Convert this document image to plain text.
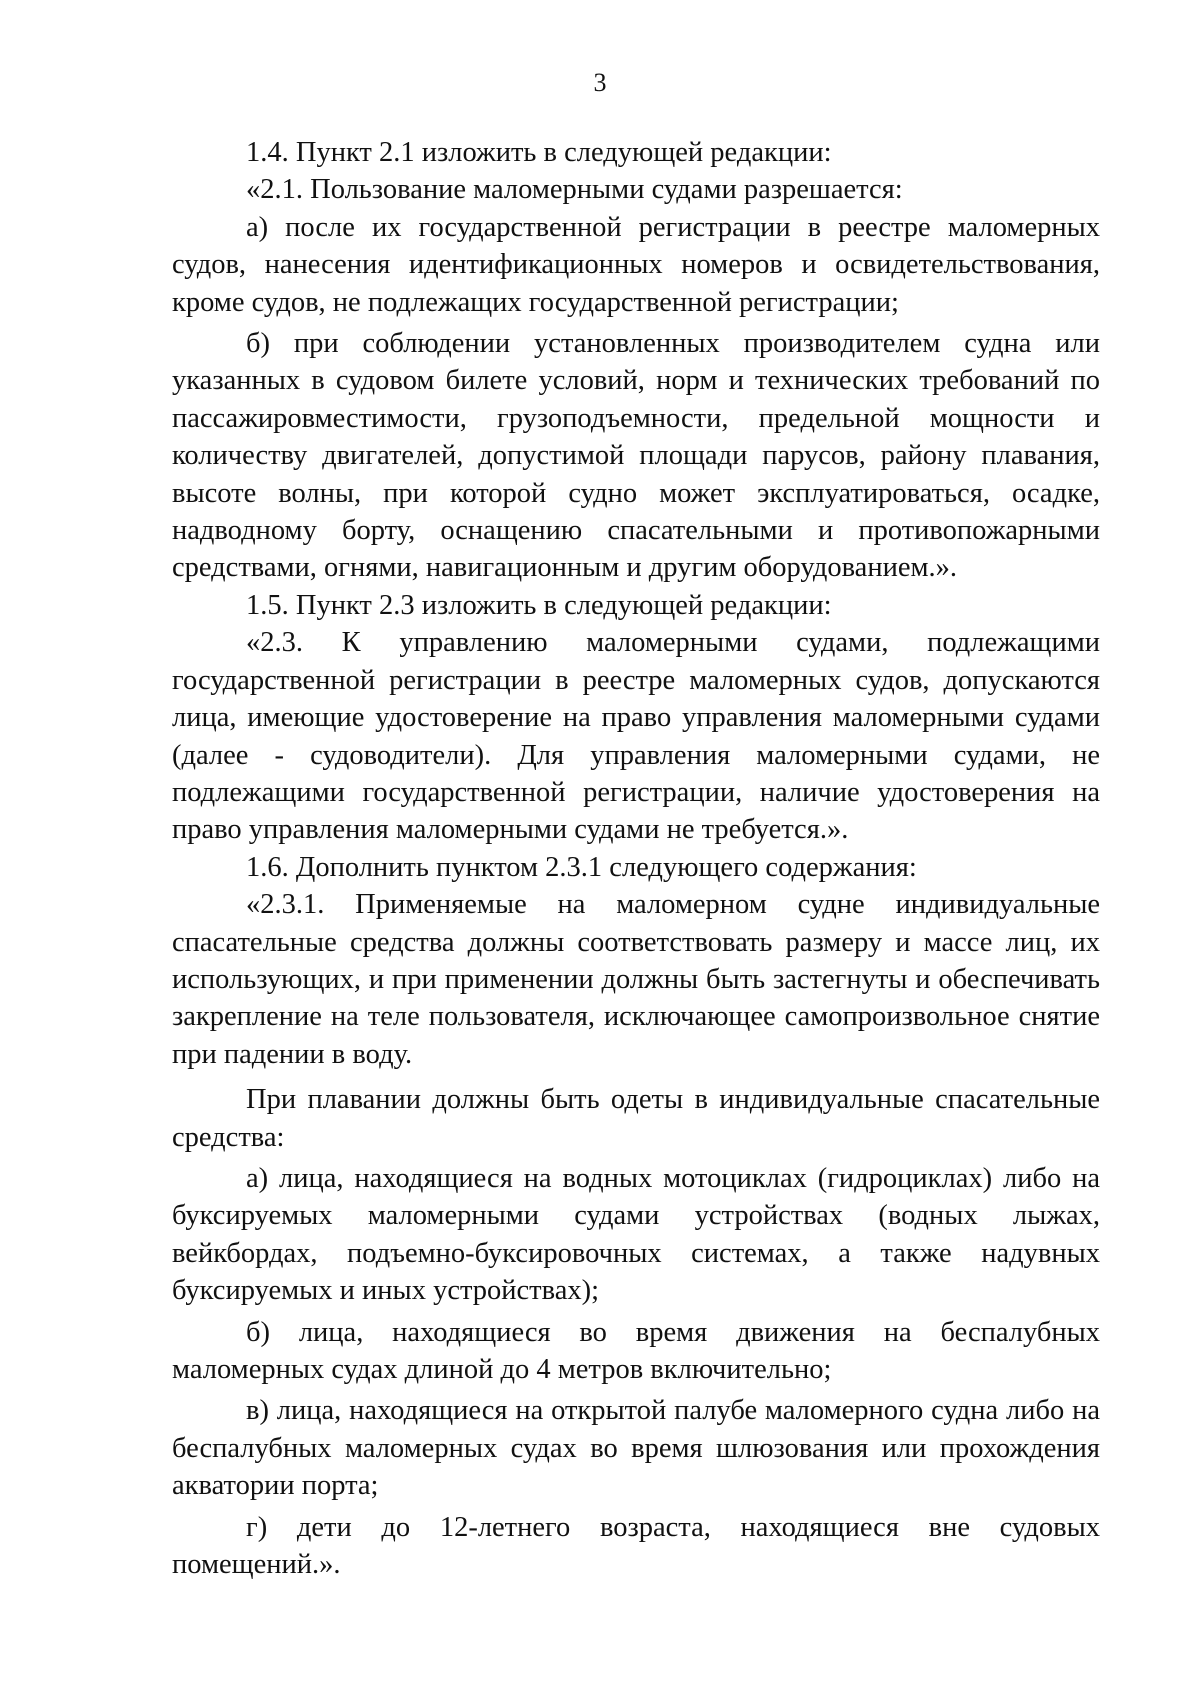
3

1.4. Пункт 2.1 изложить в следующей редакции:

«2.1. Пользование маломерными судами разрешается:

а) после их государственной регистрации в реестре маломерных судов, нанесения идентификационных номеров и освидетельствования, кроме судов, не подлежащих государственной регистрации;

б) при соблюдении установленных производителем судна или указанных в судовом билете условий, норм и технических требований по пассажировместимости, грузоподъемности, предельной мощности и количеству двигателей, допустимой площади парусов, району плавания, высоте волны, при которой судно может эксплуатироваться, осадке, надводному борту, оснащению спасательными и противопожарными средствами, огнями, навигационным и другим оборудованием.».

1.5. Пункт 2.3 изложить в следующей редакции:

«2.3. К управлению маломерными судами, подлежащими государственной регистрации в реестре маломерных судов, допускаются лица, имеющие удостоверение на право управления маломерными судами (далее - судоводители). Для управления маломерными судами, не подлежащими государственной регистрации, наличие удостоверения на право управления маломерными судами не требуется.».

1.6. Дополнить пунктом 2.3.1 следующего содержания:

«2.3.1. Применяемые на маломерном судне индивидуальные спасательные средства должны соответствовать размеру и массе лиц, их использующих, и при применении должны быть застегнуты и обеспечивать закрепление на теле пользователя, исключающее самопроизвольное снятие при падении в воду.

При плавании должны быть одеты в индивидуальные спасательные средства:

а) лица, находящиеся на водных мотоциклах (гидроциклах) либо на буксируемых маломерными судами устройствах (водных лыжах, вейкбордах, подъемно-буксировочных системах, а также надувных буксируемых и иных устройствах);

б) лица, находящиеся во время движения на беспалубных маломерных судах длиной до 4 метров включительно;

в) лица, находящиеся на открытой палубе маломерного судна либо на беспалубных маломерных судах во время шлюзования или прохождения акватории порта;

г) дети до 12-летнего возраста, находящиеся вне судовых помещений.».
